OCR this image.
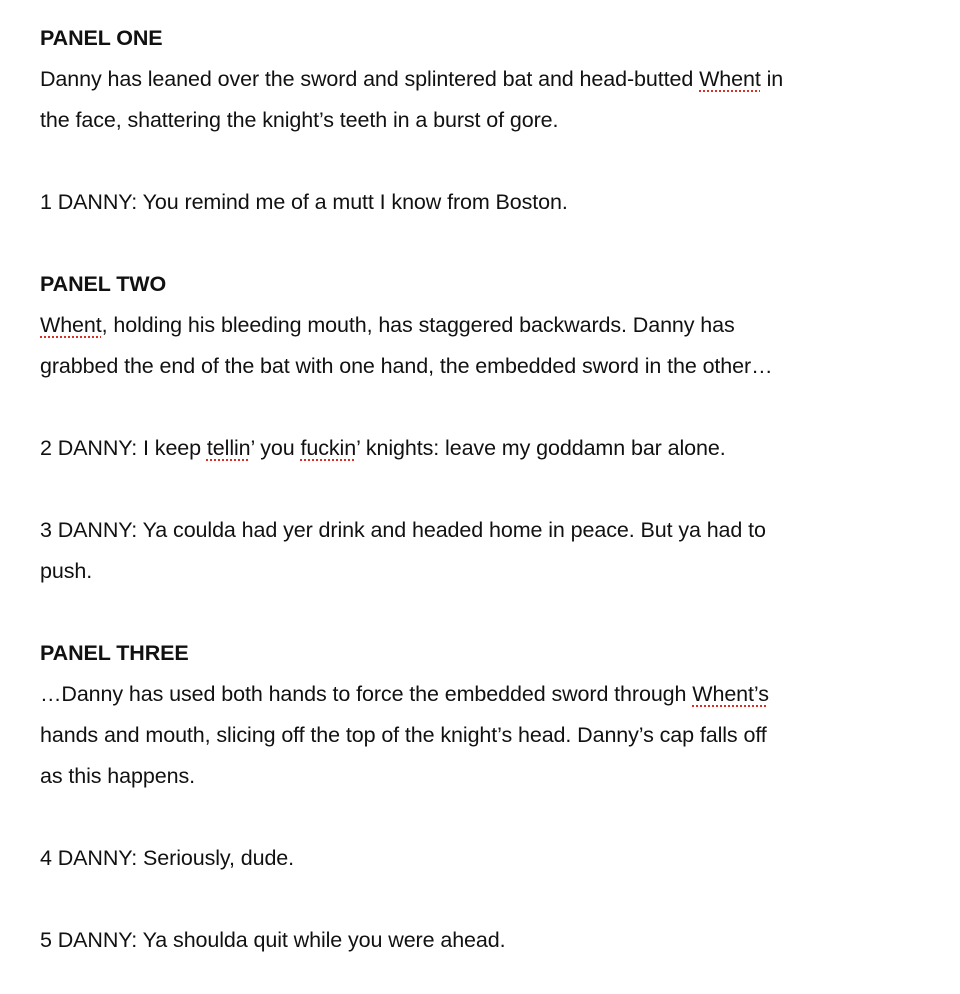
PANEL ONE
Danny has leaned over the sword and splintered bat and head-butted Whent in
the face, shattering the knight’s teeth in a burst of gore.
1 DANNY: You remind me of a mutt I know from Boston.
PANEL TWO
Whent, holding his bleeding mouth, has staggered backwards. Danny has
grabbed the end of the bat with one hand, the embedded sword in the other…
2 DANNY: I keep tellin’ you fuckin’ knights: leave my goddamn bar alone.
3 DANNY: Ya coulda had yer drink and headed home in peace. But ya had to
push.
PANEL THREE
…Danny has used both hands to force the embedded sword through Whent’s
hands and mouth, slicing off the top of the knight’s head. Danny’s cap falls off
as this happens.
4 DANNY: Seriously, dude.
5 DANNY: Ya shoulda quit while you were ahead.
